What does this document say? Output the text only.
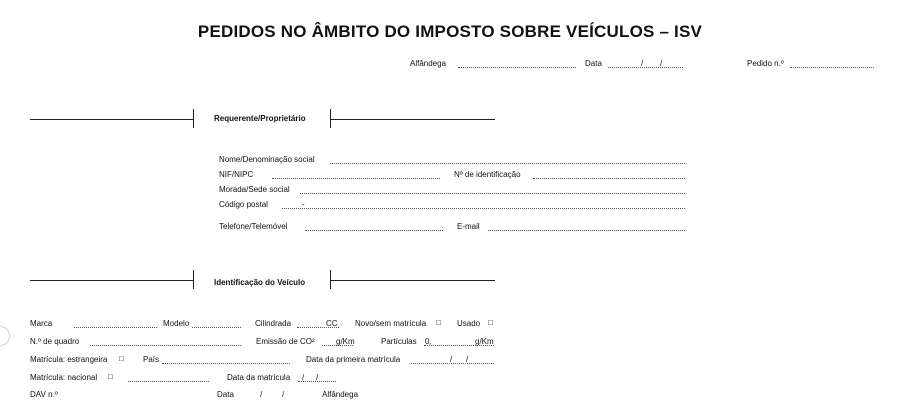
PEDIDOS NO ÂMBITO DO IMPOSTO SOBRE VEÍCULOS – ISV
Alfândega	Data	/ /	Pedido n.º
Requerente/Proprietário
Nome/Denominação social
NIF/NIPC	Nº de identificação
Morada/Sede social
Código postal	-
Telefone/Telemóvel	E-mail
Identificação do Veículo
Marca	Modelo	Cilindrada	CC Novo/sem matrícula □ Usado □
N.º de quadro	Emissão de CO²	g/Km	Partículas 0,	g/Km
Matrícula: estrangeira □ País	Data da primeira matrícula	/ /
Matrícula: nacional □	Data da matrícula / /
DAV n.º	Data	/ /	Alfândega
